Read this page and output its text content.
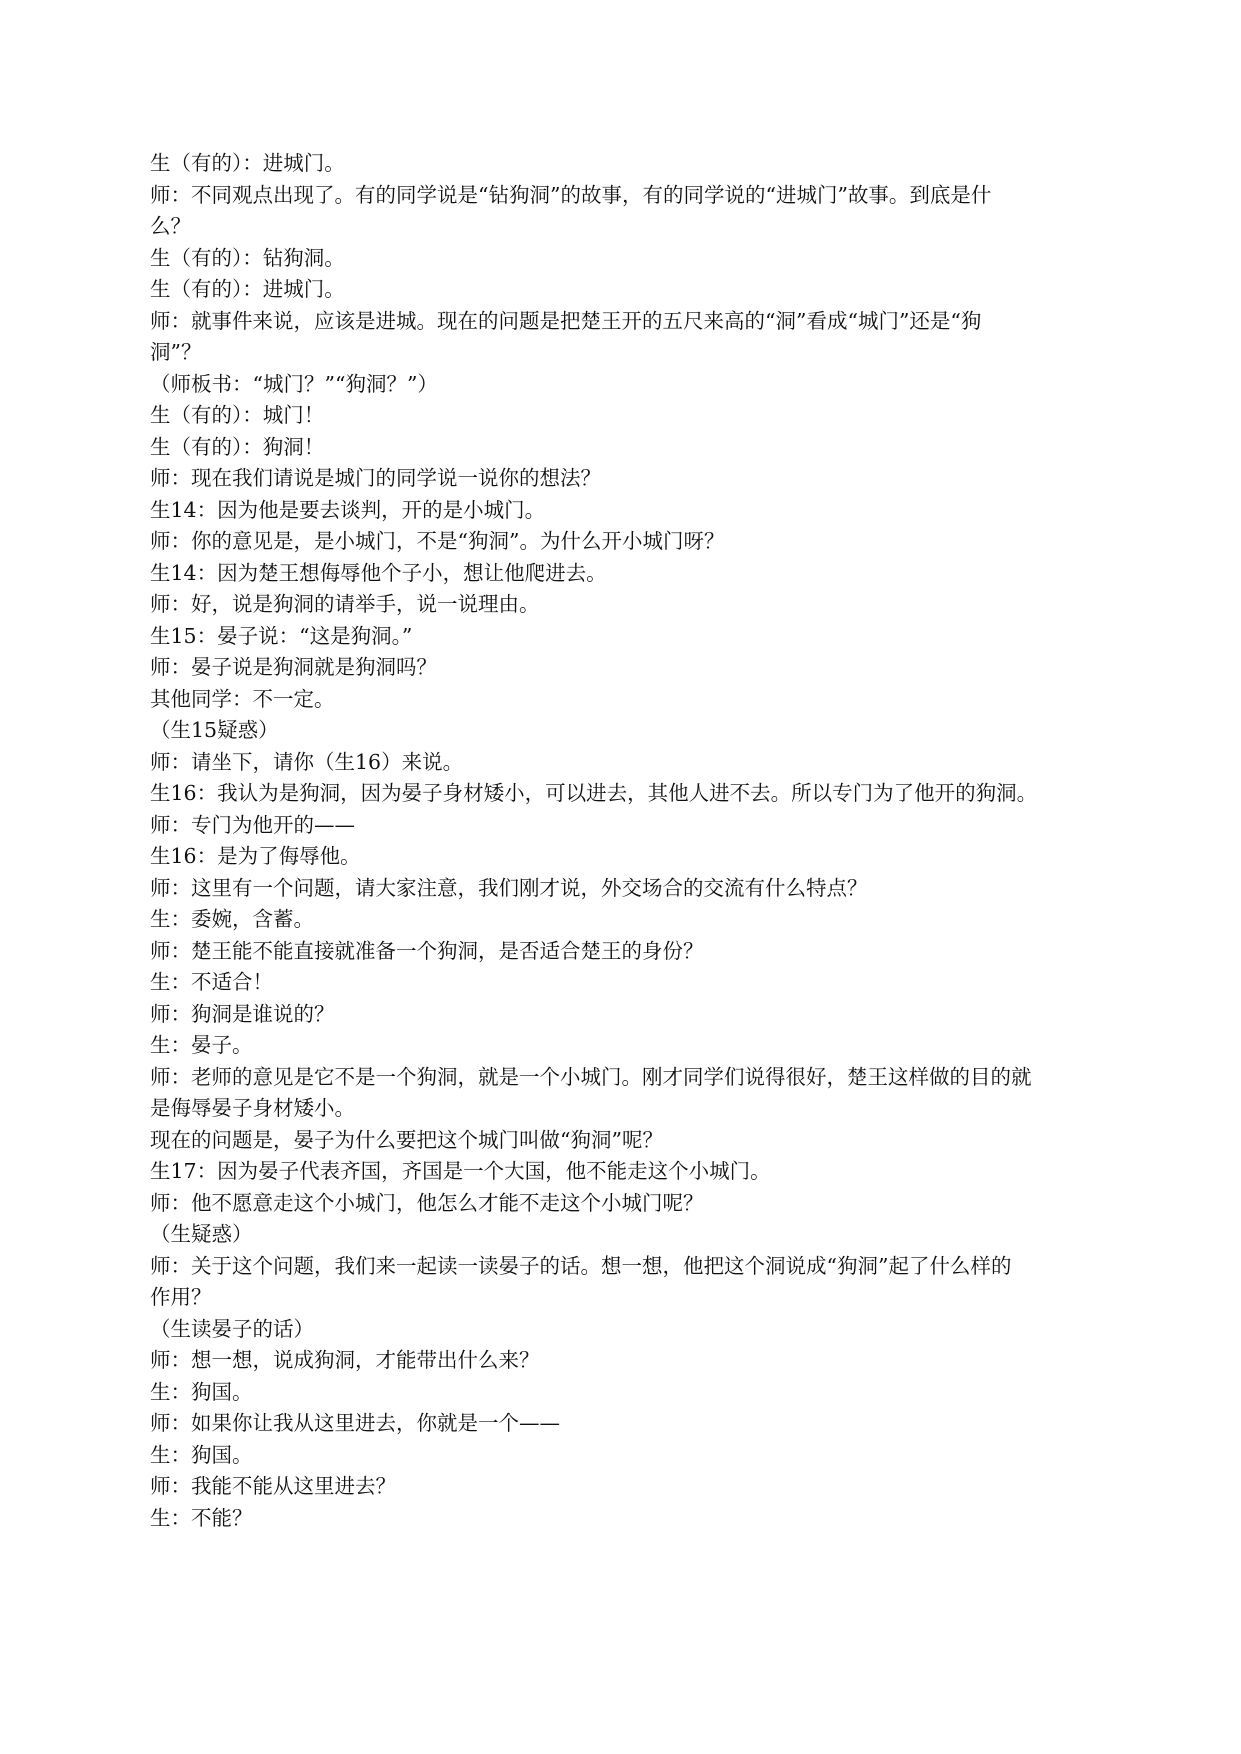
生（有的）：进城门。
师：不同观点出现了。有的同学说是“钻狗洞”的故事，有的同学说的“进城门”故事。到底是什
么？
生（有的）：钻狗洞。
生（有的）：进城门。
师：就事件来说，应该是进城。现在的问题是把楚王开的五尺来高的“洞”看成“城门”还是“狗
洞”？
（师板书：“城门？”“狗洞？”）
生（有的）：城门！
生（有的）：狗洞！
师：现在我们请说是城门的同学说一说你的想法？
生14：因为他是要去谈判，开的是小城门。
师：你的意见是，是小城门，不是“狗洞”。为什么开小城门呀？
生14：因为楚王想侮辱他个子小，想让他爬进去。
师：好，说是狗洞的请举手，说一说理由。
生15：晏子说：“这是狗洞。”
师：晏子说是狗洞就是狗洞吗？
其他同学：不一定。
（生15疑惑）
师：请坐下，请你（生16）来说。
生16：我认为是狗洞，因为晏子身材矮小，可以进去，其他人进不去。所以专门为了他开的狗洞。
师：专门为他开的——
生16：是为了侮辱他。
师：这里有一个问题，请大家注意，我们刚才说，外交场合的交流有什么特点？
生：委婉，含蓄。
师：楚王能不能直接就准备一个狗洞，是否适合楚王的身份？
生：不适合！
师：狗洞是谁说的？
生：晏子。
师：老师的意见是它不是一个狗洞，就是一个小城门。刚才同学们说得很好，楚王这样做的目的就
是侮辱晏子身材矮小。
现在的问题是，晏子为什么要把这个城门叫做“狗洞”呢？
生17：因为晏子代表齐国，齐国是一个大国，他不能走这个小城门。
师：他不愿意走这个小城门，他怎么才能不走这个小城门呢？
（生疑惑）
师：关于这个问题，我们来一起读一读晏子的话。想一想，他把这个洞说成“狗洞”起了什么样的
作用？
（生读晏子的话）
师：想一想，说成狗洞，才能带出什么来？
生：狗国。
师：如果你让我从这里进去，你就是一个——
生：狗国。
师：我能不能从这里进去？
生：不能？
